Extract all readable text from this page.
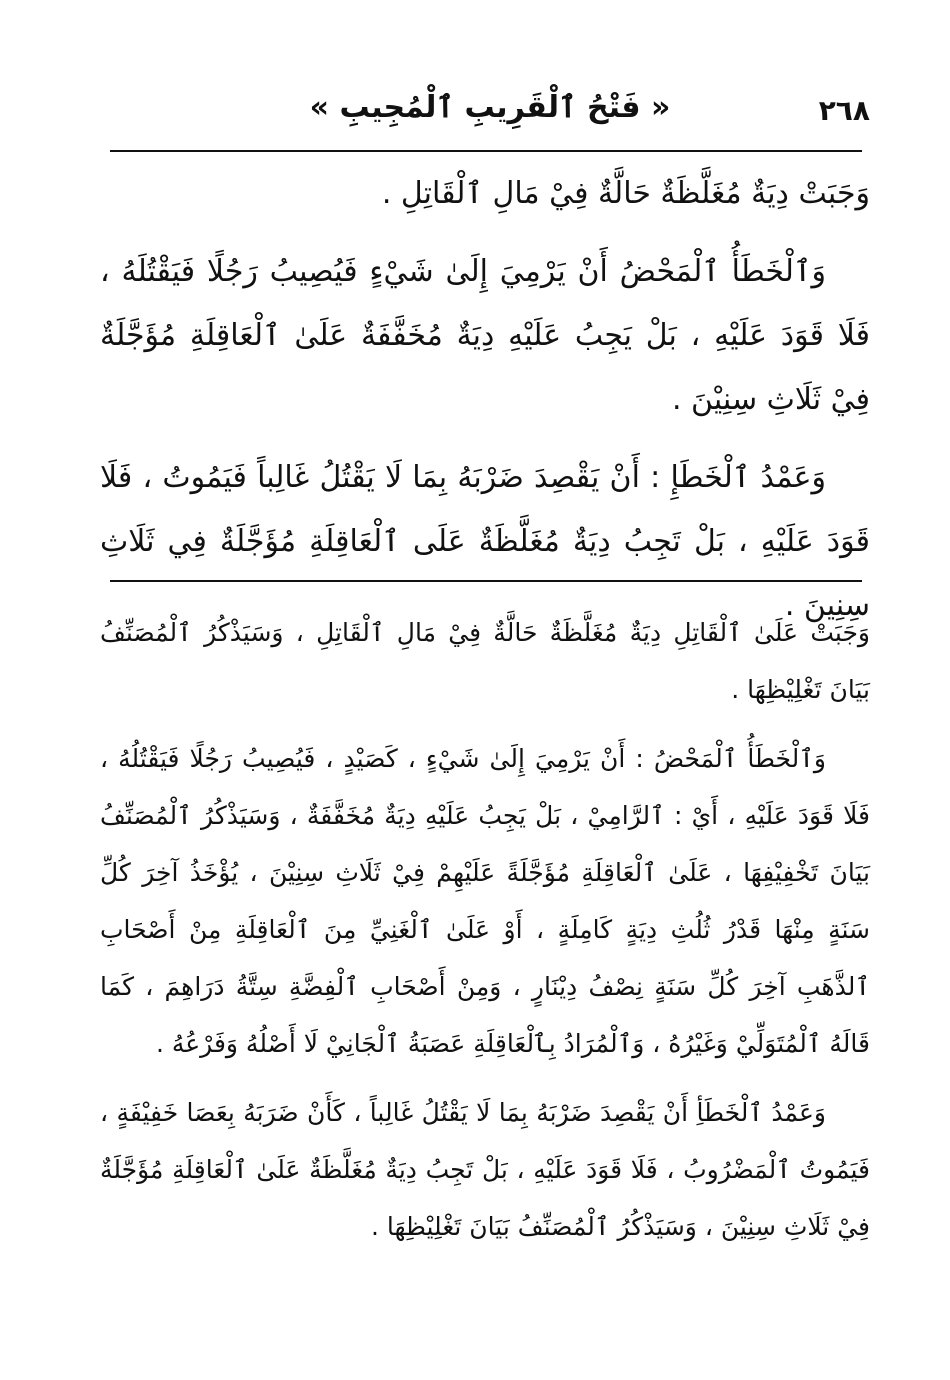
٢٦٨
« فَتْحُ ٱلْقَرِيبِ ٱلْمُجِيبِ »

وَجَبَتْ دِيَةٌ مُغَلَّظَةٌ حَالَّةٌ فِيْ مَالِ ٱلْقَاتِلِ .

وَٱلْخَطَأُ ٱلْمَحْضُ أَنْ يَرْمِيَ إِلَىٰ شَيْءٍ فَيُصِيبُ رَجُلًا فَيَقْتُلَهُ ، فَلَا قَوَدَ عَلَيْهِ ، بَلْ يَجِبُ عَلَيْهِ دِيَةٌ مُخَفَّفَةٌ عَلَىٰ ٱلْعَاقِلَةِ مُؤَجَّلَةٌ فِيْ ثَلَاثِ سِنِيْنَ .

وَعَمْدُ ٱلْخَطَإِ : أَنْ يَقْصِدَ ضَرْبَهُ بِمَا لَا يَقْتُلُ غَالِباً فَيَمُوتُ ، فَلَا قَوَدَ عَلَيْهِ ، بَلْ تَجِبُ دِيَةٌ مُغَلَّظَةٌ عَلَى ٱلْعَاقِلَةِ مُؤَجَّلَةٌ فِي ثَلَاثِ سِنِينَ .

وَجَبَتْ عَلَىٰ ٱلْقَاتِلِ دِيَةٌ مُغَلَّظَةٌ حَالَّةٌ فِيْ مَالِ ٱلْقَاتِلِ ، وَسَيَذْكُرُ ٱلْمُصَنِّفُ بَيَانَ تَغْلِيْظِهَا .

وَٱلْخَطَأُ ٱلْمَحْضُ : أَنْ يَرْمِيَ إِلَىٰ شَيْءٍ ، كَصَيْدٍ ، فَيُصِيبُ رَجُلًا فَيَقْتُلُهُ ، فَلَا قَوَدَ عَلَيْهِ ، أَيْ : ٱلرَّامِيْ ، بَلْ يَجِبُ عَلَيْهِ دِيَةٌ مُخَفَّفَةٌ ، وَسَيَذْكُرُ ٱلْمُصَنِّفُ بَيَانَ تَخْفِيْفِهَا ، عَلَىٰ ٱلْعَاقِلَةِ مُؤَجَّلَةً عَلَيْهِمْ فِيْ ثَلَاثِ سِنِيْنَ ، يُؤْخَذُ آخِرَ كُلِّ سَنَةٍ مِنْهَا قَدْرُ ثُلُثِ دِيَةٍ كَامِلَةٍ ، أَوْ عَلَىٰ ٱلْغَنِيِّ مِنَ ٱلْعَاقِلَةِ مِنْ أَصْحَابِ ٱلذَّهَبِ آخِرَ كُلِّ سَنَةٍ نِصْفُ دِيْنَارٍ ، وَمِنْ أَصْحَابِ ٱلْفِضَّةِ سِتَّةُ دَرَاهِمَ ، كَمَا قَالَهُ ٱلْمُتَوَلِّيْ وَغَيْرُهُ ، وَٱلْمُرَادُ بِٱلْعَاقِلَةِ عَصَبَةُ ٱلْجَانِيْ لَا أَصْلُهُ وَفَرْعُهُ .

وَعَمْدُ ٱلْخَطَأِ أَنْ يَقْصِدَ ضَرْبَهُ بِمَا لَا يَقْتُلُ غَالِباً ، كَأَنْ ضَرَبَهُ بِعَصَا خَفِيْفَةٍ ، فَيَمُوتُ ٱلْمَضْرُوبُ ، فَلَا قَوَدَ عَلَيْهِ ، بَلْ تَجِبُ دِيَةٌ مُغَلَّظَةٌ عَلَىٰ ٱلْعَاقِلَةِ مُؤَجَّلَةٌ فِيْ ثَلَاثِ سِنِيْنَ ، وَسَيَذْكُرُ ٱلْمُصَنِّفُ بَيَانَ تَغْلِيْظِهَا .
